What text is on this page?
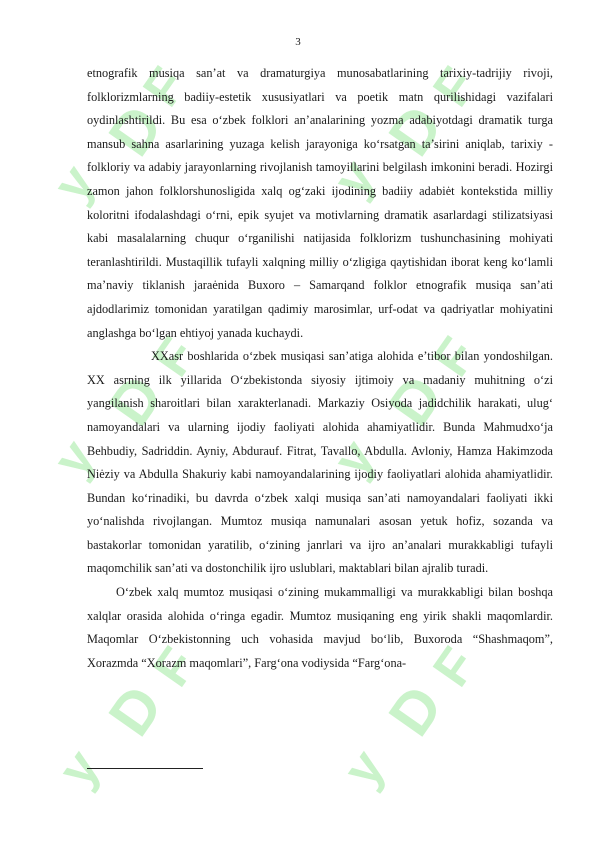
y
D
F
y
D
F
y
D
F
y
D
F
y
D
F
y
D
F
3

etnografik musiqa san’at va dramaturgiya munosabatlarining tarixiy-tadrijiy rivoji, folklorizmlarning badiiy-estetik xususiyatlari va poetik matn qurilishidagi vazifalari oydinlashtirildi. Bu esa o‘zbek folklori an’analarining yozma adabiyotdagi dramatik turga mansub sahna asarlarining yuzaga kelish jarayoniga ko‘rsatgan ta’sirini aniqlab, tarixiy - folkloriy va adabiy jarayonlarning rivojlanish tamoyillarini belgilash imkonini beradi. Hozirgi zamon jahon folklorshunosligida xalq og‘zaki ijodining badiiy adabiėt kontekstida milliy koloritni ifodalashdagi o‘rni, epik syujet va motivlarning dramatik asarlardagi stilizatsiyasi kabi masalalarning chuqur o‘rganilishi natijasida folklorizm tushunchasining mohiyati teranlashtirildi. Mustaqillik tufayli xalqning milliy o‘zligiga qaytishidan iborat keng ko‘lamli ma’naviy tiklanish jaraėnida Buxoro – Samarqand folklor etnografik musiqa san’ati ajdodlarimiz tomonidan yaratilgan qadimiy marosimlar, urf-odat va qadriyatlar mohiyatini anglashga bo‘lgan ehtiyoj yanada kuchaydi.

XXasr boshlarida o‘zbek musiqasi san’atiga alohida e’tibor bilan yondoshilgan. XX asrning ilk yillarida O‘zbekistonda siyosiy ijtimoiy va madaniy muhitning o‘zi yangilanish sharoitlari bilan xarakterlanadi. Markaziy Osiyoda jadidchilik harakati, ulug‘ namoyandalari va ularning ijodiy faoliyati alohida ahamiyatlidir. Bunda Mahmudxo‘ja Behbudiy, Sadriddin. Ayniy, Abdurauf. Fitrat, Tavallo, Abdulla. Avloniy, Hamza Hakimzoda Niėziy va Abdulla Shakuriy kabi namoyandalarining ijodiy faoliyatlari alohida ahamiyatlidir. Bundan ko‘rinadiki, bu davrda o‘zbek xalqi musiqa san’ati namoyandalari faoliyati ikki yo‘nalishda rivojlangan. Mumtoz musiqa namunalari asosan yetuk hofiz, sozanda va bastakorlar tomonidan yaratilib, o‘zining janrlari va ijro an’analari murakkabligi tufayli maqomchilik san’ati va dostonchilik ijro uslublari, maktablari bilan ajralib turadi.

O‘zbek xalq mumtoz musiqasi o‘zining mukammalligi va murakkabligi bilan boshqa xalqlar orasida alohida o‘ringa egadir. Mumtoz musiqaning eng yirik shakli maqomlardir. Maqomlar O‘zbekistonning uch vohasida mavjud bo‘lib, Buxoroda “Shashmaqom”, Xorazmda “Xorazm maqomlari”, Farg‘ona vodiysida “Farg‘ona-
